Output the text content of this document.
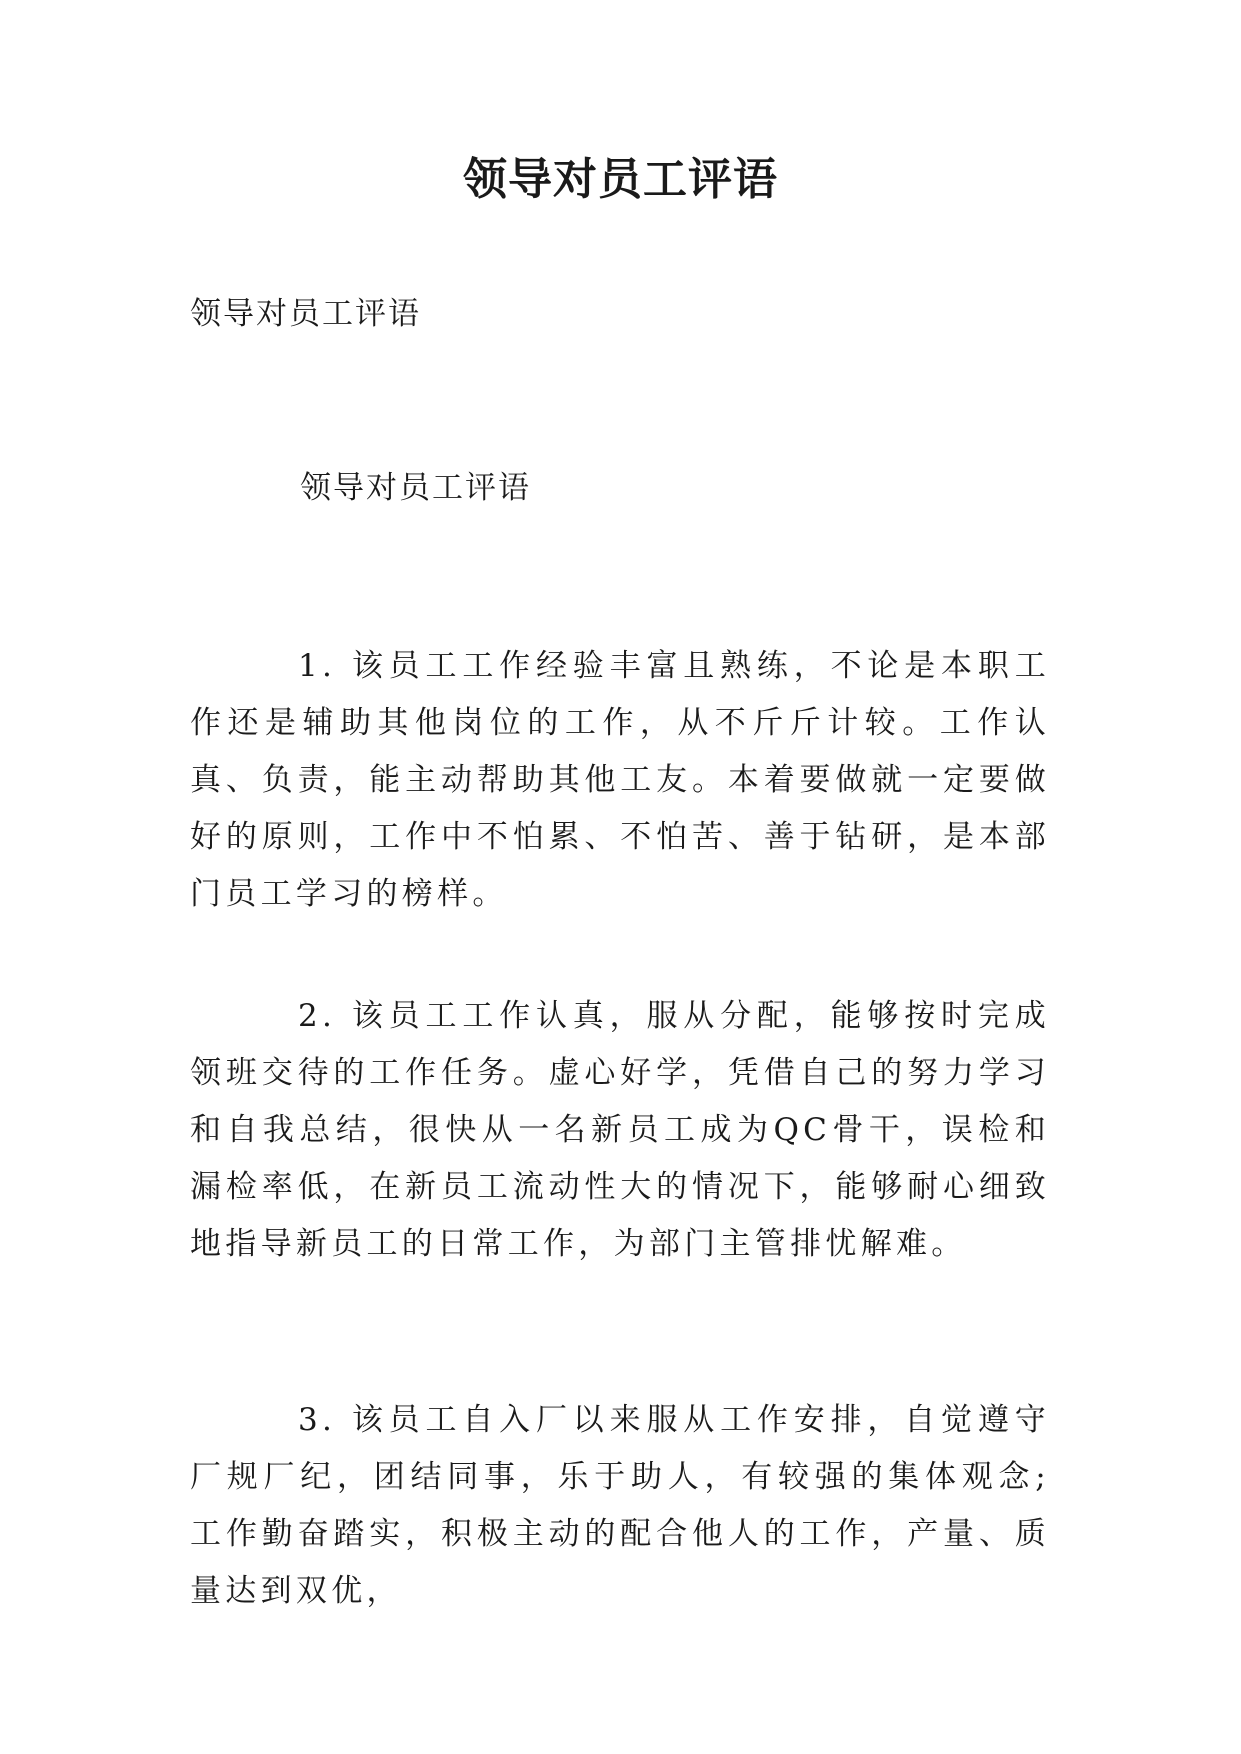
领导对员工评语
领导对员工评语
领导对员工评语
1. 该员工工作经验丰富且熟练，不论是本职工作还是辅助其他岗位的工作，从不斤斤计较。工作认真、负责，能主动帮助其他工友。本着要做就一定要做好的原则，工作中不怕累、不怕苦、善于钻研，是本部门员工学习的榜样。
2. 该员工工作认真，服从分配，能够按时完成领班交待的工作任务。虚心好学，凭借自己的努力学习和自我总结，很快从一名新员工成为QC骨干，误检和漏检率低，在新员工流动性大的情况下，能够耐心细致地指导新员工的日常工作，为部门主管排忧解难。
3. 该员工自入厂以来服从工作安排，自觉遵守厂规厂纪，团结同事，乐于助人，有较强的集体观念;工作勤奋踏实，积极主动的配合他人的工作，产量、质量达到双优，
